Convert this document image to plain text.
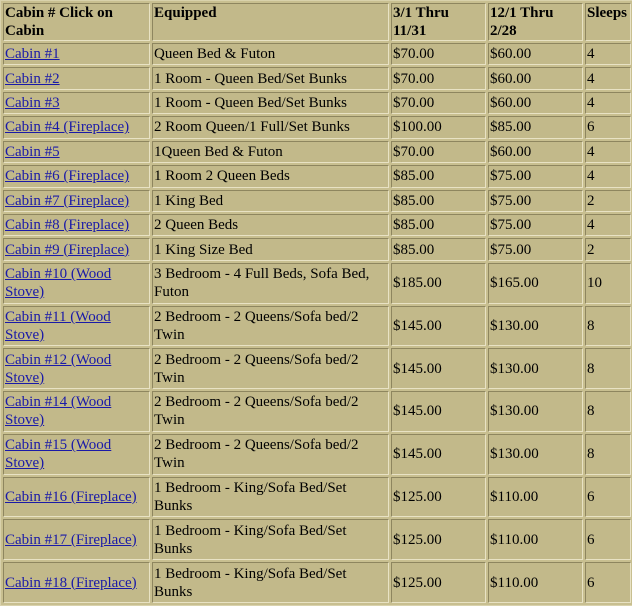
Cabin # Click on Cabin	Equipped	3/1 Thru 11/31	12/1 Thru 2/28	Sleeps
Cabin #1	Queen Bed & Futon	$70.00	$60.00	4
Cabin #2	1 Room - Queen Bed/Set Bunks	$70.00	$60.00	4
Cabin #3	1 Room - Queen Bed/Set Bunks	$70.00	$60.00	4
Cabin #4 (Fireplace)	2 Room Queen/1 Full/Set Bunks	$100.00	$85.00	6
Cabin #5	1Queen Bed & Futon	$70.00	$60.00	4
Cabin #6 (Fireplace)	1 Room 2 Queen Beds	$85.00	$75.00	4
Cabin #7 (Fireplace)	1 King Bed	$85.00	$75.00	2
Cabin #8 (Fireplace)	2 Queen Beds	$85.00	$75.00	4
Cabin #9 (Fireplace)	1 King Size Bed	$85.00	$75.00	2
Cabin #10 (Wood Stove)	3 Bedroom - 4 Full Beds, Sofa Bed, Futon	$185.00	$165.00	10
Cabin #11 (Wood Stove)	2 Bedroom - 2 Queens/Sofa bed/2 Twin	$145.00	$130.00	8
Cabin #12 (Wood Stove)	2 Bedroom - 2 Queens/Sofa bed/2 Twin	$145.00	$130.00	8
Cabin #14 (Wood Stove)	2 Bedroom - 2 Queens/Sofa bed/2 Twin	$145.00	$130.00	8
Cabin #15 (Wood Stove)	2 Bedroom - 2 Queens/Sofa bed/2 Twin	$145.00	$130.00	8
Cabin #16 (Fireplace)	1 Bedroom - King/Sofa Bed/Set Bunks	$125.00	$110.00	6
Cabin #17 (Fireplace)	1 Bedroom - King/Sofa Bed/Set Bunks	$125.00	$110.00	6
Cabin #18 (Fireplace)	1 Bedroom - King/Sofa Bed/Set Bunks	$125.00	$110.00	6
